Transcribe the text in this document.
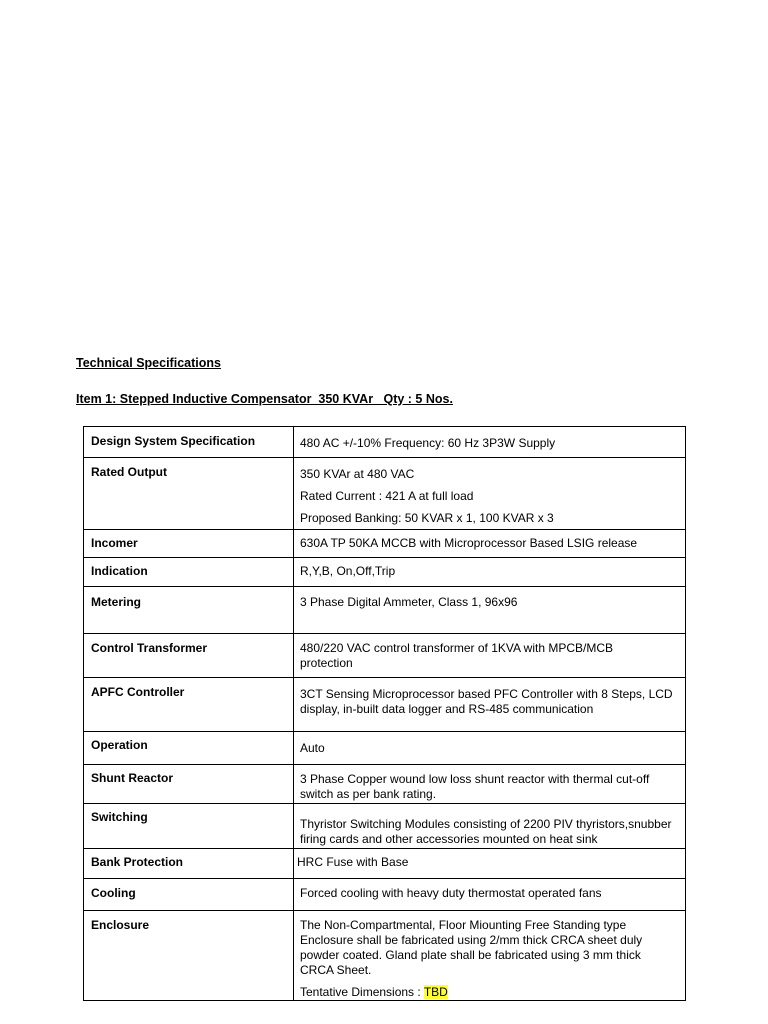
Technical Specifications
Item 1: Stepped Inductive Compensator  350 KVAr   Qty : 5 Nos.
Design System Specification	480 AC +/-10% Frequency: 60 Hz 3P3W Supply

Rated Output	350 KVAr at 480 VAC
Rated Current : 421 A at full load
Proposed Banking: 50 KVAR x 1, 100 KVAR x 3

Incomer	630A TP 50KA MCCB with Microprocessor Based LSIG release

Indication	R,Y,B, On,Off,Trip

Metering	3 Phase Digital Ammeter, Class 1, 96x96

Control Transformer	480/220 VAC control transformer of 1KVA with MPCB/MCB
protection

APFC Controller	3CT Sensing Microprocessor based PFC Controller with 8 Steps, LCD
display, in-built data logger and RS-485 communication

Operation	Auto

Shunt Reactor	3 Phase Copper wound low loss shunt reactor with thermal cut-off
switch as per bank rating.

Switching	Thyristor Switching Modules consisting of 2200 PIV thyristors,snubber
firing cards and other accessories mounted on heat sink

Bank Protection	HRC Fuse with Base

Cooling	Forced cooling with heavy duty thermostat operated fans

Enclosure	The Non-Compartmental, Floor Miounting Free Standing type
Enclosure shall be fabricated using 2/mm thick CRCA sheet duly
powder coated. Gland plate shall be fabricated using 3 mm thick
CRCA Sheet.
Tentative Dimensions : TBD
